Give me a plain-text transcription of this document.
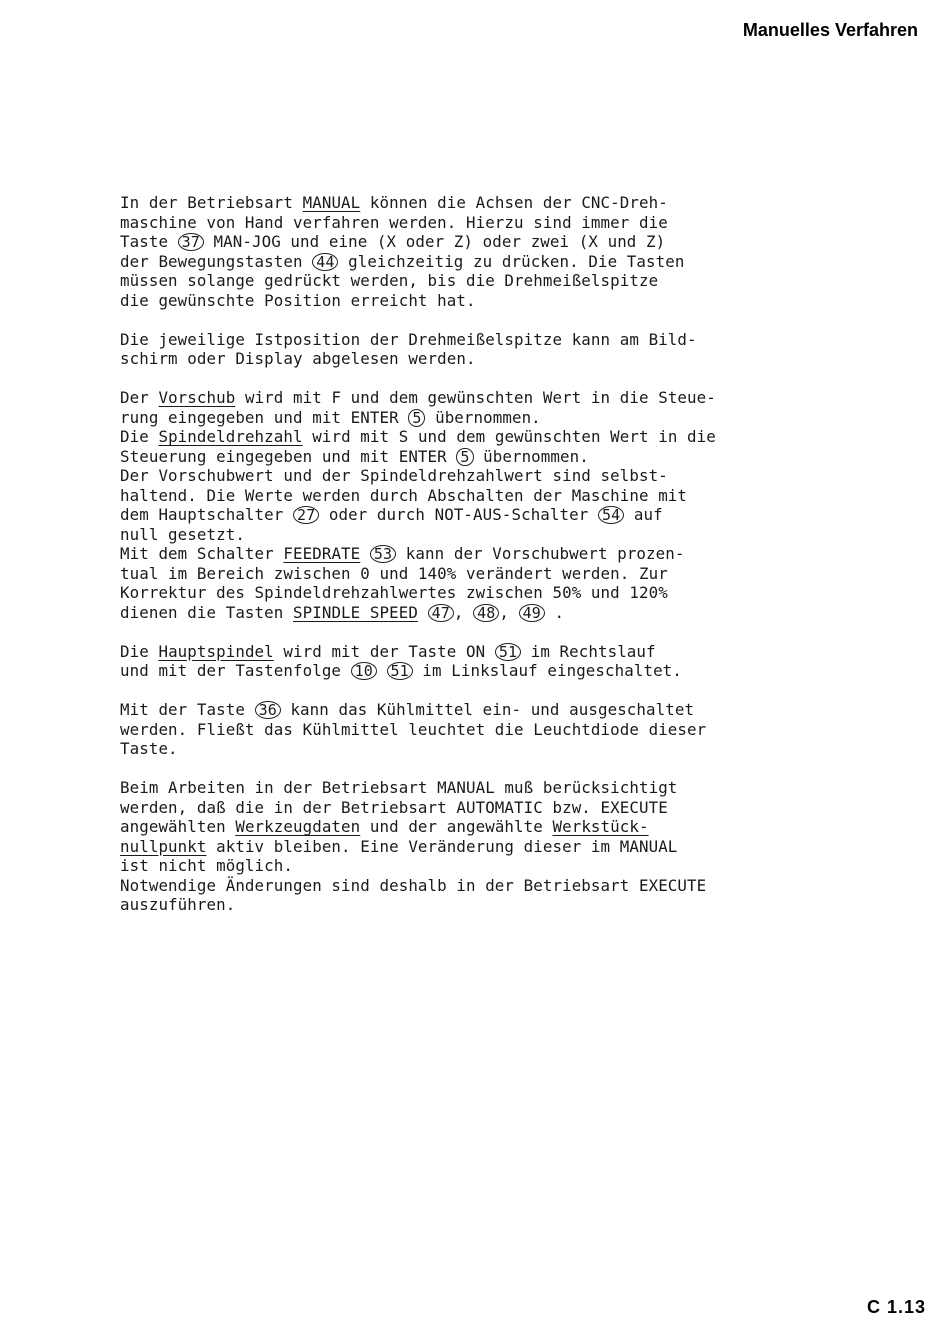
Manuelles Verfahren
In der Betriebsart MANUAL können die Achsen der CNC-Dreh-
maschine von Hand verfahren werden. Hierzu sind immer die
Taste 37 MAN-JOG und eine (X oder Z) oder zwei (X und Z)
der Bewegungstasten 44 gleichzeitig zu drücken. Die Tasten
müssen solange gedrückt werden, bis die Drehmeißelspitze
die gewünschte Position erreicht hat.
Die jeweilige Istposition der Drehmeißelspitze kann am Bild-
schirm oder Display abgelesen werden.
Der Vorschub wird mit F und dem gewünschten Wert in die Steue-
rung eingegeben und mit ENTER 5 übernommen.
Die Spindeldrehzahl wird mit S und dem gewünschten Wert in die
Steuerung eingegeben und mit ENTER 5 übernommen.
Der Vorschubwert und der Spindeldrehzahlwert sind selbst-
haltend. Die Werte werden durch Abschalten der Maschine mit
dem Hauptschalter 27 oder durch NOT-AUS-Schalter 54 auf
null gesetzt.
Mit dem Schalter FEEDRATE 53 kann der Vorschubwert prozen-
tual im Bereich zwischen 0 und 140% verändert werden. Zur
Korrektur des Spindeldrehzahlwertes zwischen 50% und 120%
dienen die Tasten SPINDLE SPEED 47 , 48 , 49 .
Die Hauptspindel wird mit der Taste ON 51 im Rechtslauf
und mit der Tastenfolge 10 51 im Linkslauf eingeschaltet.
Mit der Taste 36 kann das Kühlmittel ein- und ausgeschaltet
werden. Fließt das Kühlmittel leuchtet die Leuchtdiode dieser
Taste.
Beim Arbeiten in der Betriebsart MANUAL muß berücksichtigt
werden, daß die in der Betriebsart AUTOMATIC bzw. EXECUTE
angewählten Werkzeugdaten und der angewählte Werkstück-
nullpunkt aktiv bleiben. Eine Veränderung dieser im MANUAL
ist nicht möglich.
Notwendige Änderungen sind deshalb in der Betriebsart EXECUTE
auszuführen.
C 1.13
